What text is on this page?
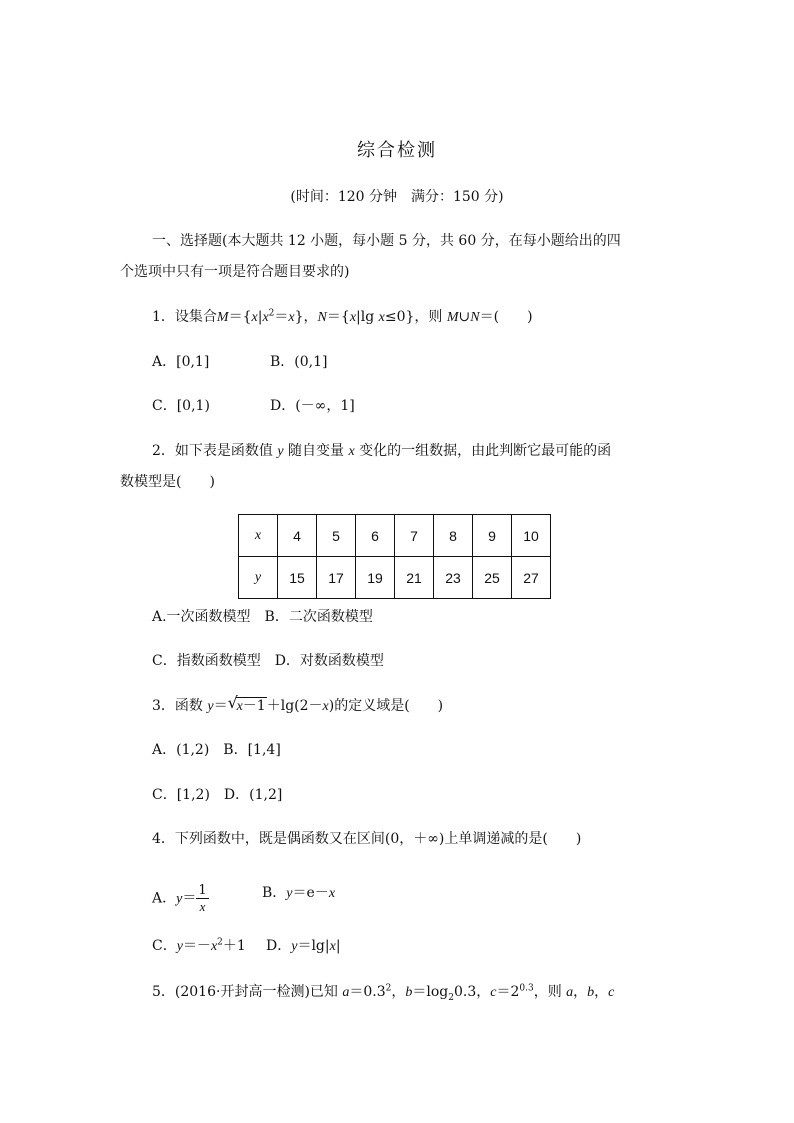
综合检测
(时间：120 分钟　满分：150 分)
一、选择题(本大题共 12 小题，每小题 5 分，共 60 分，在每小题给出的四
个选项中只有一项是符合题目要求的)
1．设集合$M=\{x|x^2=x\}$，N＝{x|lg x≤0}，则 M∪N＝(　　)
A．[0,1]	B．(0,1]
C．[0,1)	D．(－∞，1]
2．如下表是函数值 y 随自变量 x 变化的一组数据，由此判断它最可能的函
数模型是(　　)
x	4	5	6	7	8	9	10
y	15	17	19	21	23	25	27
A.一次函数模型　B．二次函数模型
C．指数函数模型　D．对数函数模型
3．函数 y＝ √
x－1＋lg(2－x)的定义域是(　　)
A．(1,2)　B．[1,4]
C．[1,2)　D．(1,2]
4．下列函数中，既是偶函数又在区间(0，＋∞)上单调递减的是(　　)
A．$y= \frac{1}{x}$	B．y＝e－x
C．$y=-x^2+1$ D．y＝lg|x|
5．(2016·开封高一检测)已知 $a=0.3^2$，$b=\log_20.3$，$c=2^{0.3}$，则 a，b，c
